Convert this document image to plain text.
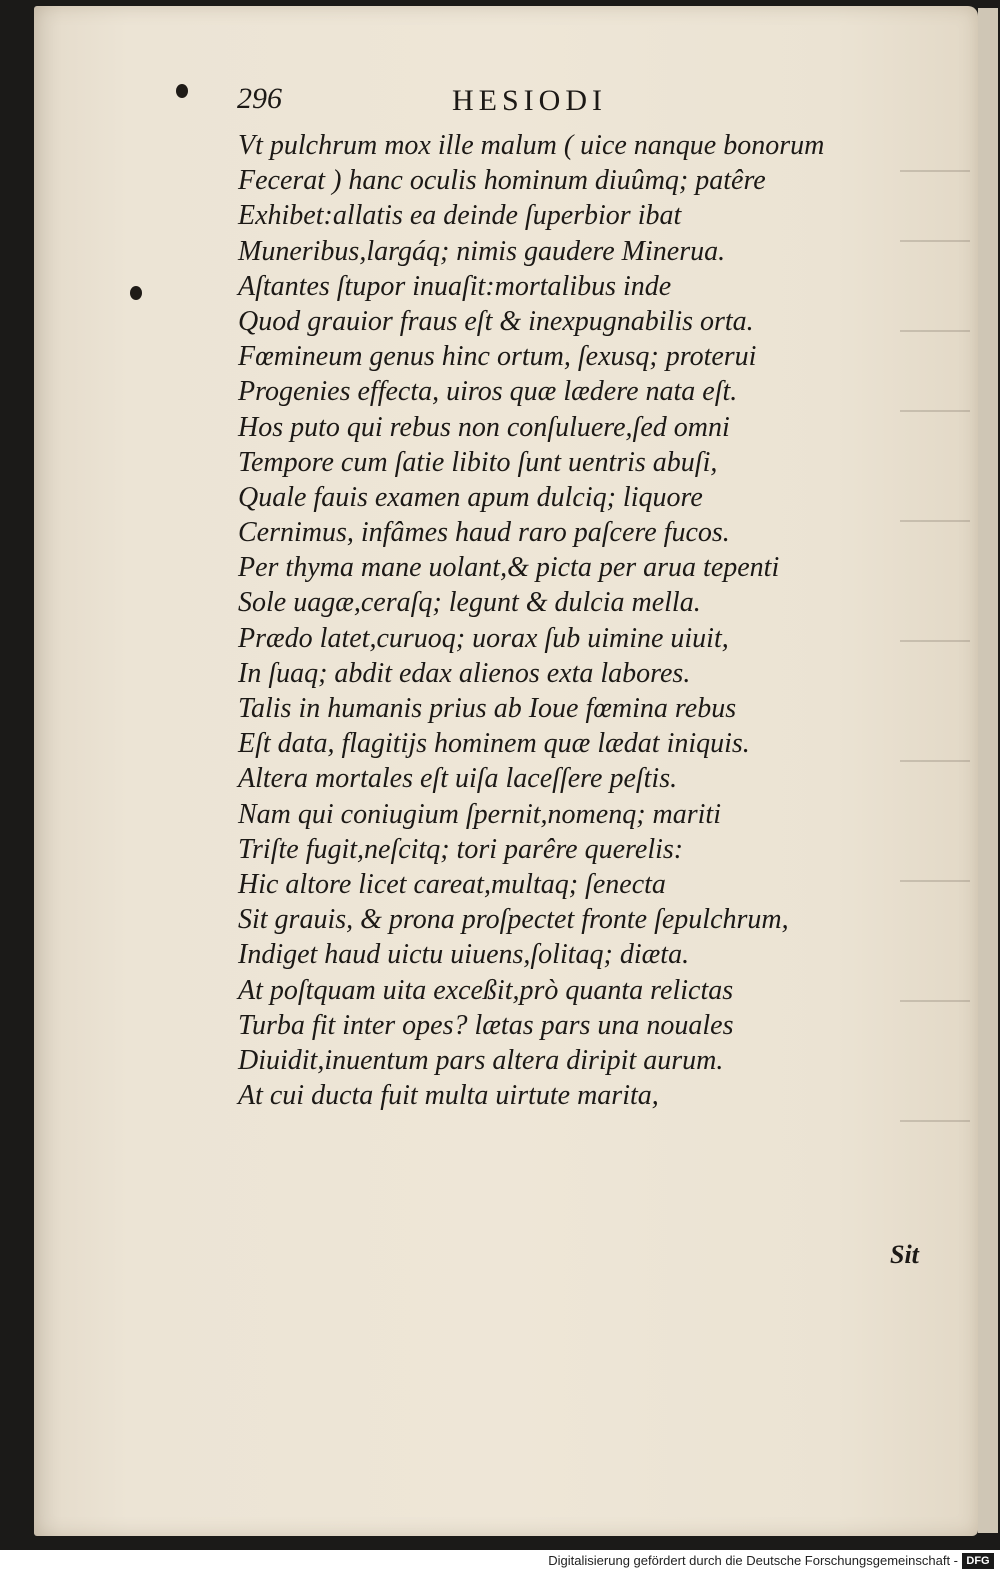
296	HESIODI
Vt pulchrum mox ille malum ( uice nanque bonorum
Fecerat ) hanc oculis hominum diuûmq; patêre
Exhibet:allatis ea deinde ſuperbior ibat
Muneribus,largáq; nimis gaudere Minerua.
Aſtantes ſtupor inuaſit:mortalibus inde
Quod grauior fraus eſt & inexpugnabilis orta.
Fœmineum genus hinc ortum, ſexusq; proterui
Progenies effecta, uiros quæ lædere nata eſt.
Hos puto qui rebus non conſuluere,ſed omni
Tempore cum ſatie libito ſunt uentris abuſi,
Quale fauis examen apum dulciq; liquore
Cernimus, infâmes haud raro paſcere fucos.
Per thyma mane uolant,& picta per arua tepenti
Sole uagæ,ceraſq; legunt & dulcia mella.
Prædo latet,curuoq; uorax ſub uimine uiuit,
In ſuaq; abdit edax alienos exta labores.
Talis in humanis prius ab Ioue fœmina rebus
Eſt data, flagitijs hominem quæ lædat iniquis.
Altera mortales eſt uiſa laceſſere peſtis.
Nam qui coniugium ſpernit,nomenq; mariti
Triſte fugit,neſcitq; tori parêre querelis:
Hic altore licet careat,multaq; ſenecta
Sit grauis, & prona proſpectet fronte ſepulchrum,
Indiget haud uictu uiuens,ſolitaq; diæta.
At poſtquam uita exceßit,prò quanta relictas
Turba fit inter opes? lætas pars una nouales
Diuidit,inuentum pars altera diripit aurum.
At cui ducta fuit multa uirtute marita,
Sit
Digitalisierung gefördert durch die Deutsche Forschungsgemeinschaft - DFG
